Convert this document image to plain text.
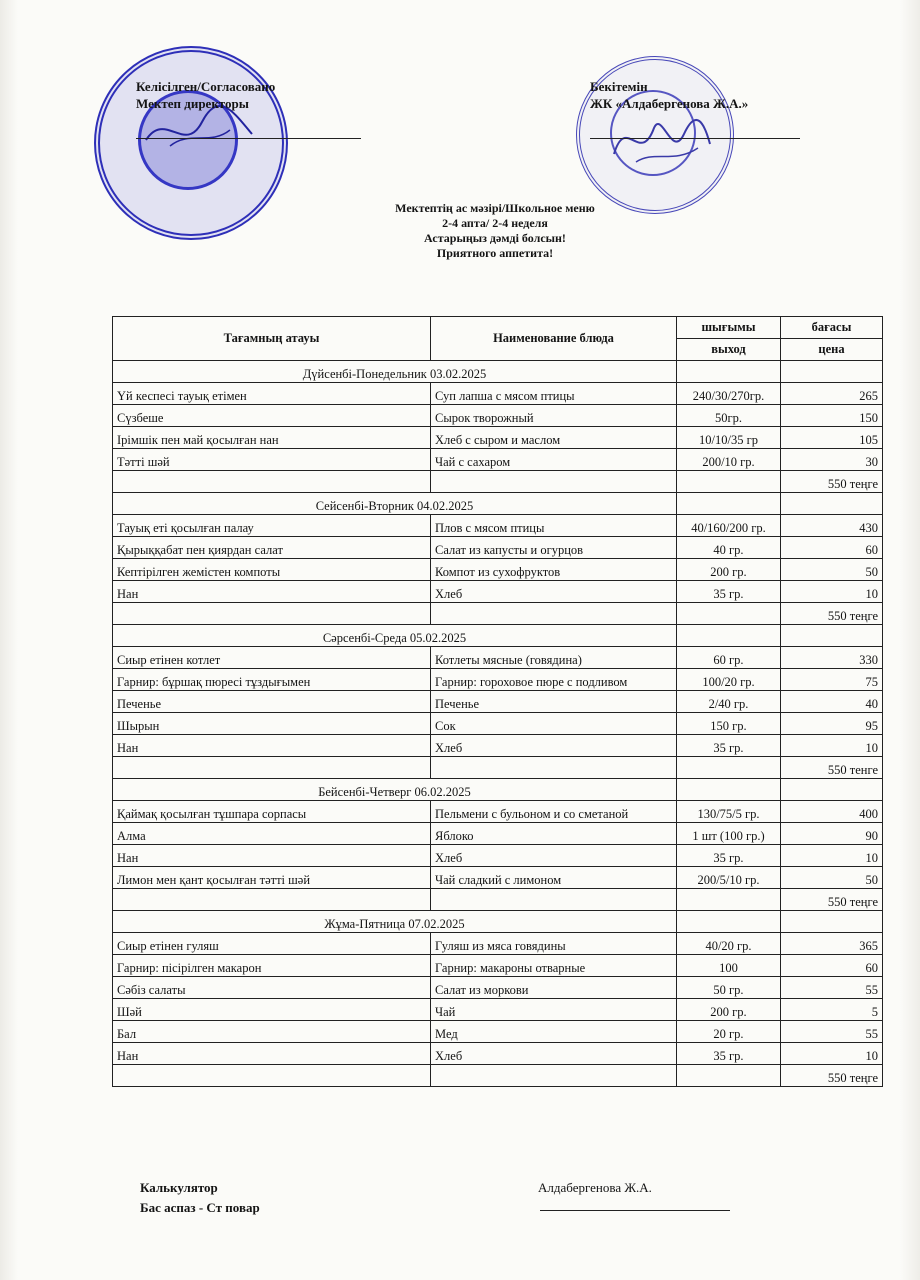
Келісілген/Согласовано
Мектеп директоры
Бекітемін
ЖК «Алдабергенова Ж.А.»
Мектептің ас мәзірі/Школьное меню
2-4 апта/ 2-4 неделя
Астарыңыз дәмді болсын!
Приятного аппетита!
Тағамның атауы	Наименование блюда	шығымы	бағасы
		выход	цена
Дүйсенбі-Понедельник 03.02.2025			
Үй кеспесі тауық етімен	Суп лапша с мясом птицы	240/30/270гр.	265
Сүзбеше	Сырок творожный	50гр.	150
Ірімшік пен май қосылған нан	Хлеб с сыром и маслом	10/10/35 гр	105
Тәтті шәй	Чай с сахаром	200/10 гр.	30
			550 теңге
Сейсенбі-Вторник 04.02.2025			
Тауық еті қосылған палау	Плов с мясом птицы	40/160/200 гр.	430
Қырыққабат пен қиярдан салат	Салат из капусты и огурцов	40 гр.	60
Кептірілген жемістен компоты	Компот из сухофруктов	200 гр.	50
Нан	Хлеб	35 гр.	10
			550 теңге
Сәрсенбі-Среда 05.02.2025			
Сиыр етінен котлет	Котлеты мясные (говядина)	60 гр.	330
Гарнир: бұршақ пюресі тұздығымен	Гарнир: гороховое пюре с подливом	100/20 гр.	75
Печенье	Печенье	2/40 гр.	40
Шырын	Сок	150 гр.	95
Нан	Хлеб	35 гр.	10
			550 тенге
Бейсенбі-Четверг 06.02.2025			
Қаймақ қосылған тұшпара сорпасы	Пельмени с бульоном и со сметаной	130/75/5 гр.	400
Алма	Яблоко	1 шт (100 гр.)	90
Нан	Хлеб	35 гр.	10
Лимон мен қант қосылған тәтті шәй	Чай сладкий с лимоном	200/5/10 гр.	50
			550 теңге
Жұма-Пятница 07.02.2025			
Сиыр етінен гуляш	Гуляш из мяса говядины	40/20 гр.	365
Гарнир: пісірілген макарон	Гарнир: макароны отварные	100	60
Сәбіз салаты	Салат из моркови	50 гр.	55
Шәй	Чай	200 гр.	5
Бал	Мед	20 гр.	55
Нан	Хлеб	35 гр.	10
			550 теңге
Калькулятор
Бас аспаз - Ст повар
Алдабергенова Ж.А.
